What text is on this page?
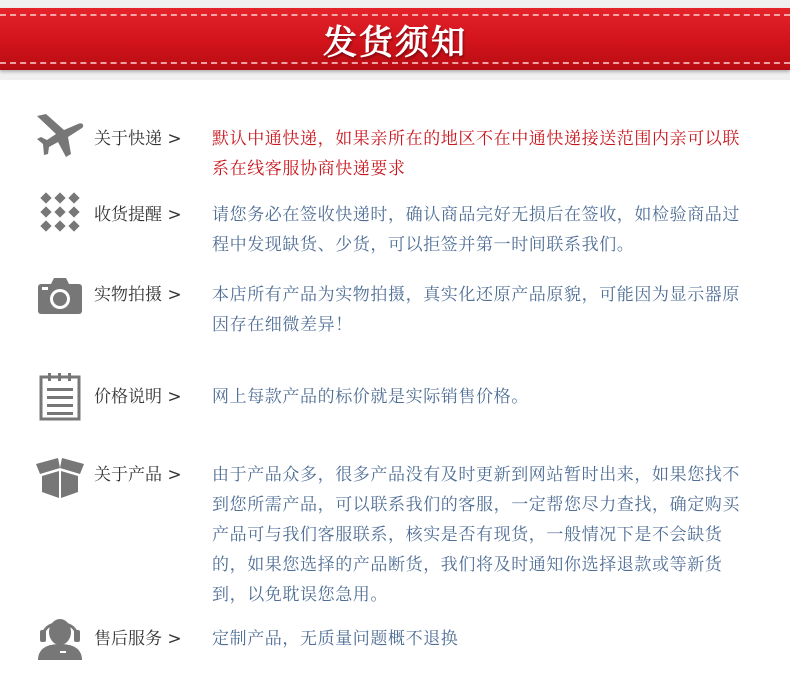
发货须知
关于快递 > 默认中通快递，如果亲所在的地区不在中通快递接送范围内亲可以联系在线客服协商快递要求
收货提醒 > 请您务必在签收快递时，确认商品完好无损后在签收，如检验商品过程中发现缺货、少货，可以拒签并第一时间联系我们。
实物拍摄 > 本店所有产品为实物拍摄，真实化还原产品原貌，可能因为显示器原因存在细微差异！
价格说明 > 网上每款产品的标价就是实际销售价格。
关于产品 > 由于产品众多，很多产品没有及时更新到网站暂时出来，如果您找不到您所需产品，可以联系我们的客服，一定帮您尽力查找，确定购买产品可与我们客服联系，核实是否有现货，一般情况下是不会缺货的，如果您选择的产品断货，我们将及时通知你选择退款或等新货到，以免耽误您急用。
售后服务 > 定制产品，无质量问题概不退换
